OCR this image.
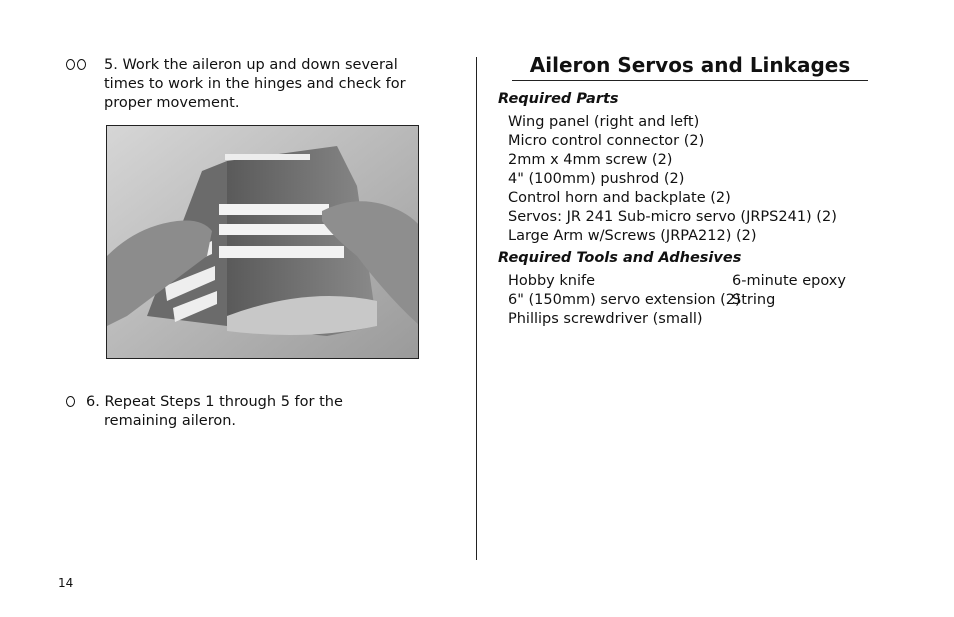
5. Work the aileron up and down several
times to work in the hinges and check for
proper movement.
6. Repeat Steps 1 through 5 for the
remaining aileron.
Aileron Servos and Linkages
Required Parts
Wing panel (right and left)
Micro control connector (2)
2mm x 4mm screw (2)
4" (100mm) pushrod (2)
Control horn and backplate (2)
Servos: JR 241 Sub-micro servo (JRPS241) (2)
Large Arm w/Screws (JRPA212) (2)
Required Tools and Adhesives
Hobby knife
6" (150mm) servo extension (2)
Phillips screwdriver (small)
6-minute epoxy
String
14
